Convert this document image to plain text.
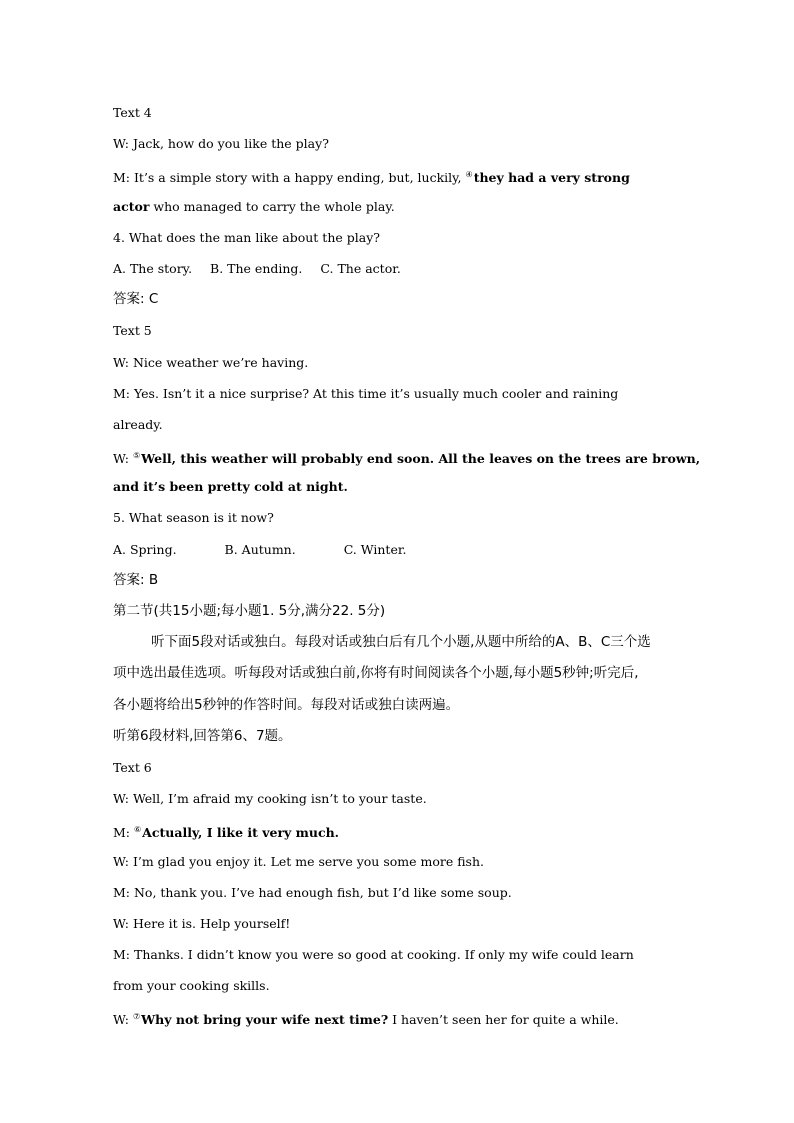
Text 4
W: Jack, how do you like the play?
M: It’s a simple story with a happy ending, but, luckily, ④they had a very strong
actor who managed to carry the whole play.
4. What does the man like about the play?
A. The story. B. The ending. C. The actor.
答案: C
Text 5
W: Nice weather we’re having.
M: Yes. Isn’t it a nice surprise? At this time it’s usually much cooler and raining
already.
W: ⑤Well, this weather will probably end soon. All the leaves on the trees are brown,
and it’s been pretty cold at night.
5. What season is it now?
A. Spring.	B. Autumn.	C. Winter.
答案: B
第二节(共15小题;每小题1. 5分,满分22. 5分)
听下面5段对话或独白。每段对话或独白后有几个小题,从题中所给的A、B、C三个选
项中选出最佳选项。听每段对话或独白前,你将有时间阅读各个小题,每小题5秒钟;听完后,
各小题将给出5秒钟的作答时间。每段对话或独白读两遍。
听第6段材料,回答第6、7题。
Text 6
W: Well, I’m afraid my cooking isn’t to your taste.
M: ⑥Actually, I like it very much.
W: I’m glad you enjoy it. Let me serve you some more fish.
M: No, thank you. I’ve had enough fish, but I’d like some soup.
W: Here it is. Help yourself!
M: Thanks. I didn’t know you were so good at cooking. If only my wife could learn
from your cooking skills.
W: ⑦Why not bring your wife next time? I haven’t seen her for quite a while.
